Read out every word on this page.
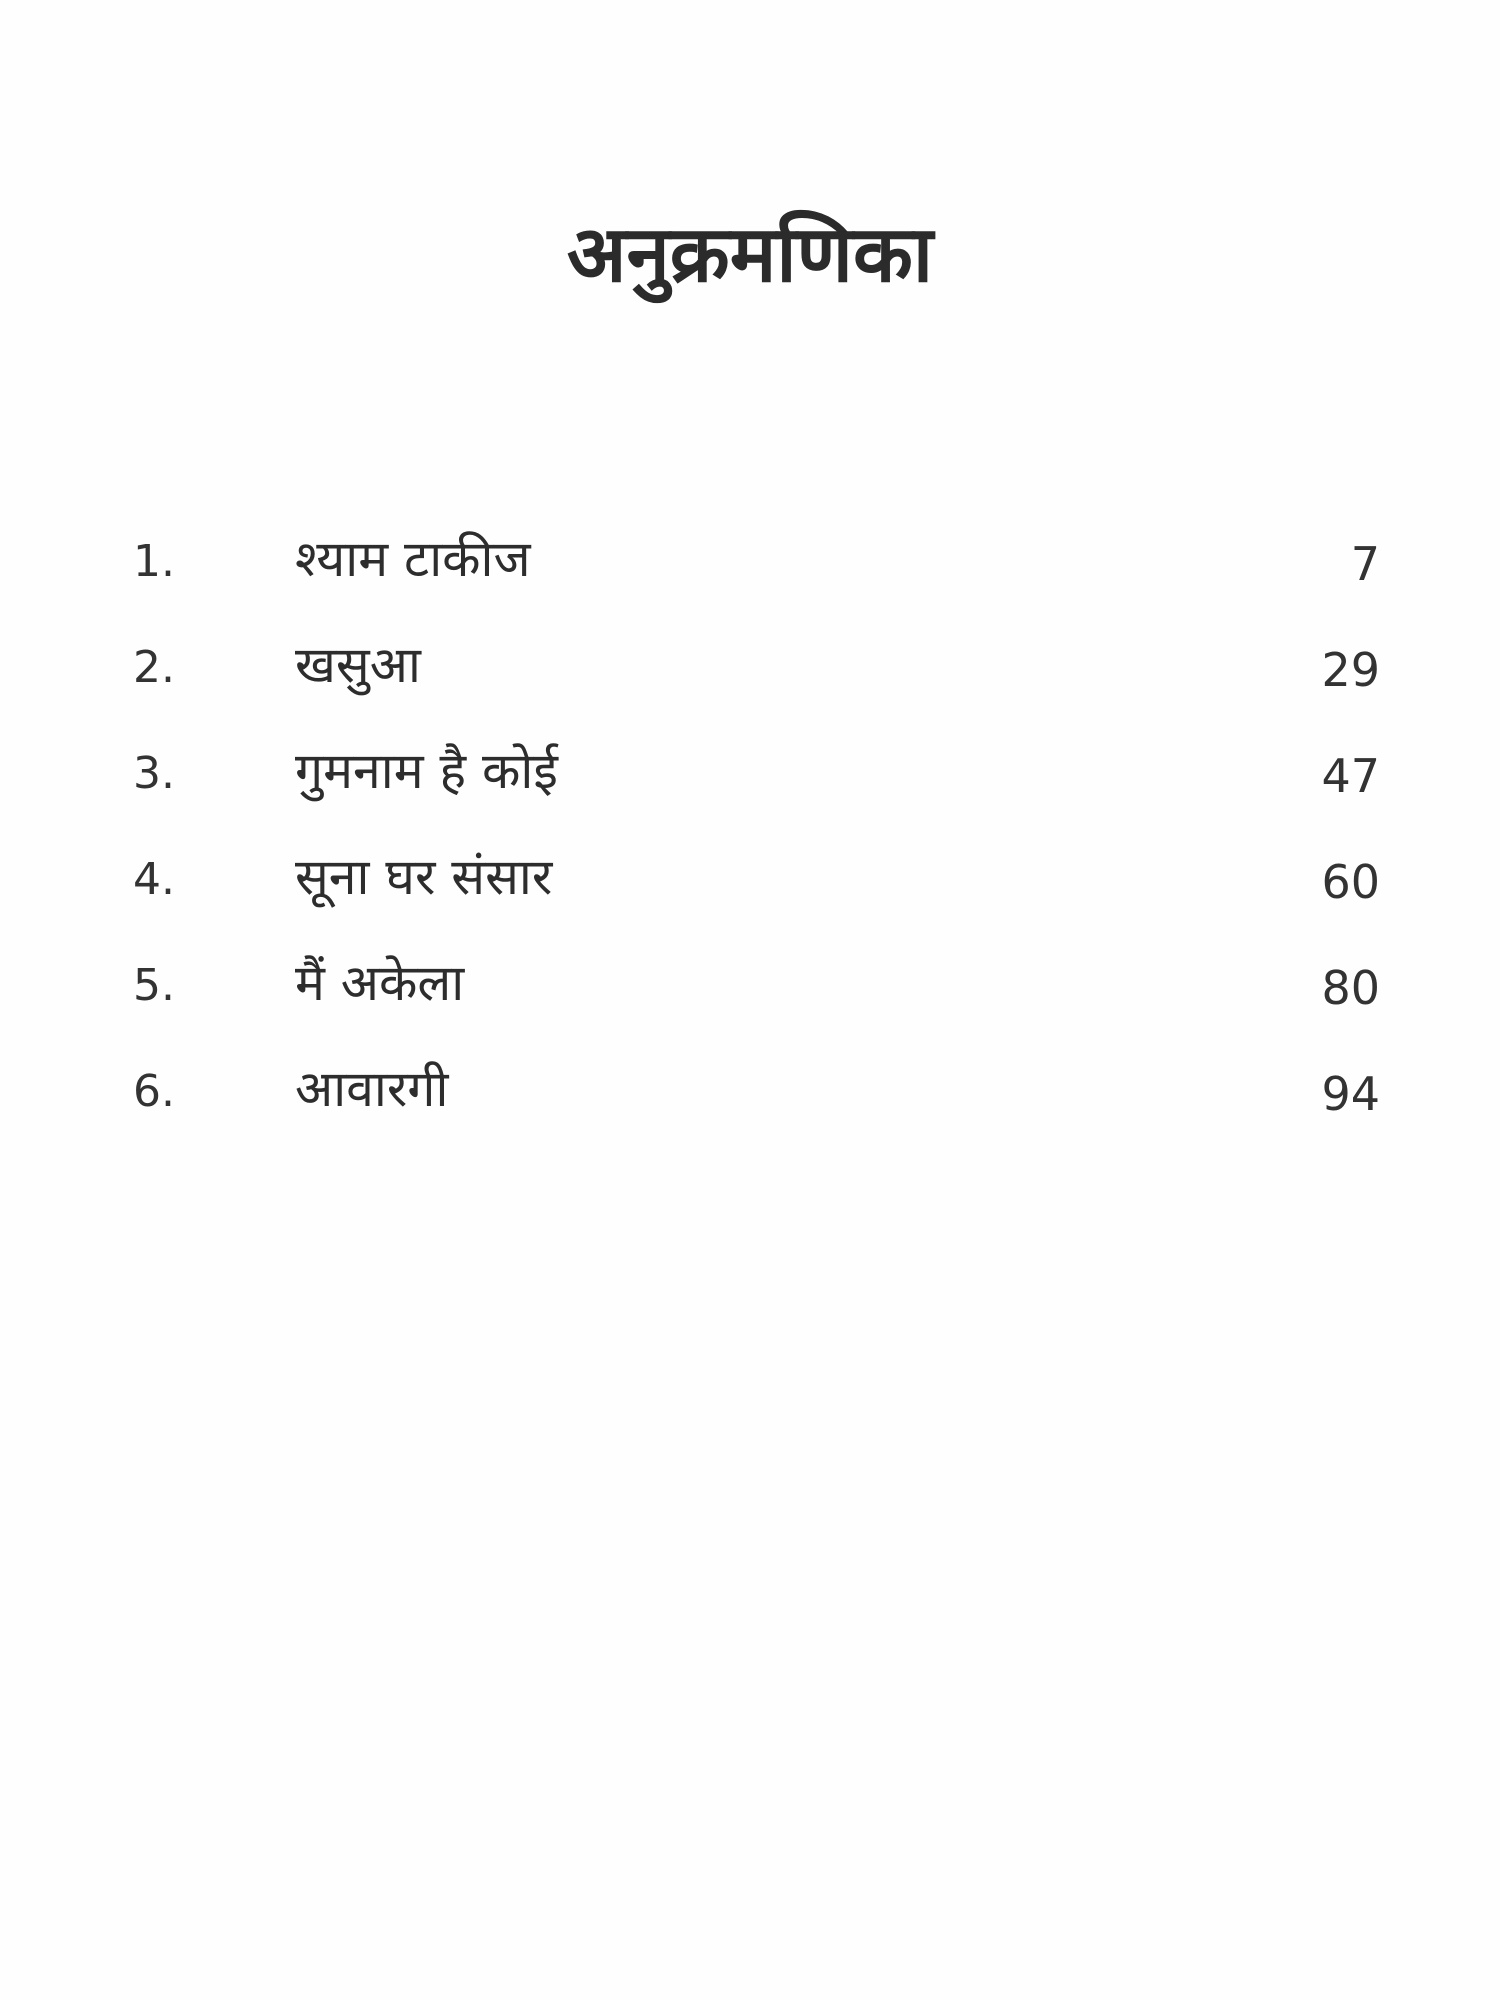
अनुक्रमणिका
1. श्याम टाकीज	7
2. खसुआ	29
3. गुमनाम है कोई	47
4. सूना घर संसार	60
5. मैं अकेला	80
6. आवारगी	94
